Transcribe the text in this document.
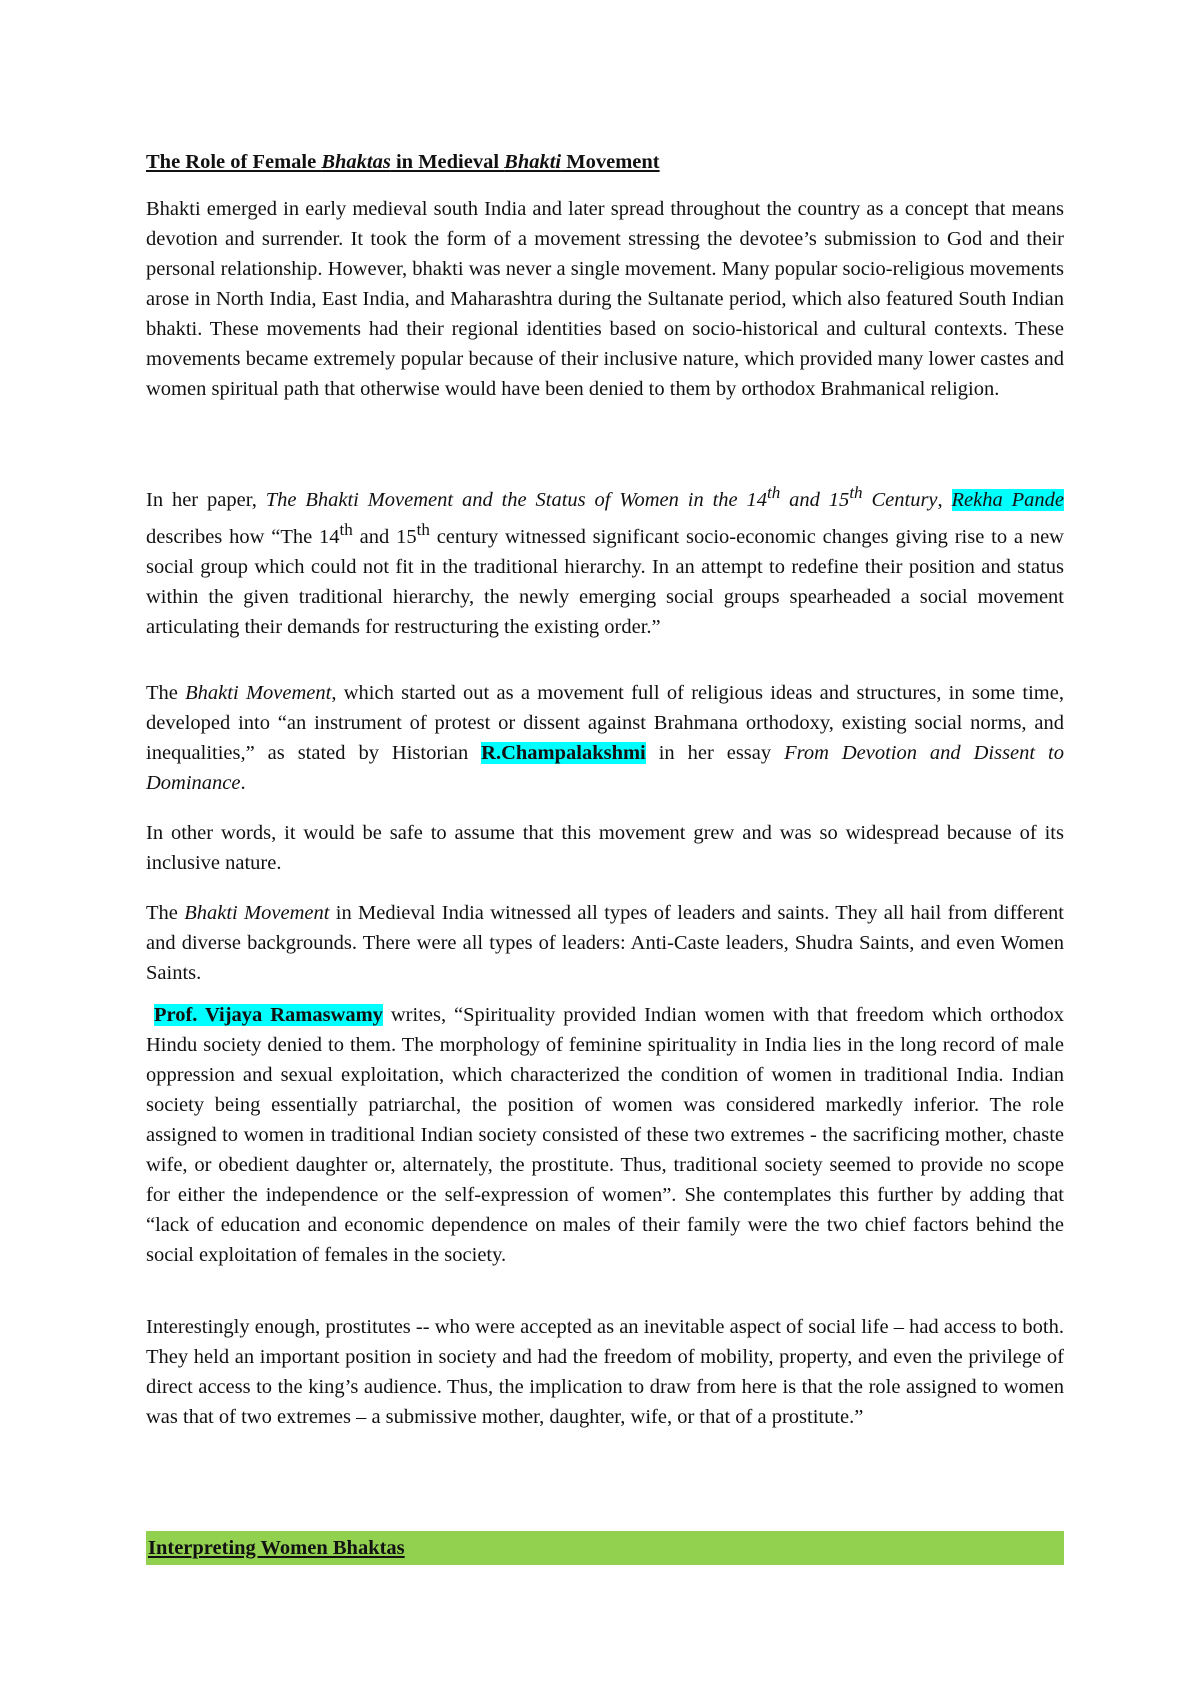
The Role of Female Bhaktas in Medieval Bhakti Movement

Bhakti emerged in early medieval south India and later spread throughout the country as a concept that means devotion and surrender. It took the form of a movement stressing the devotee’s submission to God and their personal relationship. However, bhakti was never a single movement. Many popular socio-religious movements arose in North India, East India, and Maharashtra during the Sultanate period, which also featured South Indian bhakti. These movements had their regional identities based on socio-historical and cultural contexts. These movements became extremely popular because of their inclusive nature, which provided many lower castes and women spiritual path that otherwise would have been denied to them by orthodox Brahmanical religion.

In her paper, The Bhakti Movement and the Status of Women in the 14th and 15th Century, Rekha Pande describes how “The 14th and 15th century witnessed significant socio-economic changes giving rise to a new social group which could not fit in the traditional hierarchy. In an attempt to redefine their position and status within the given traditional hierarchy, the newly emerging social groups spearheaded a social movement articulating their demands for restructuring the existing order.”

The Bhakti Movement, which started out as a movement full of religious ideas and structures, in some time, developed into “an instrument of protest or dissent against Brahmana orthodoxy, existing social norms, and inequalities,” as stated by Historian R.Champalakshmi in her essay From Devotion and Dissent to Dominance.

In other words, it would be safe to assume that this movement grew and was so widespread because of its inclusive nature.

The Bhakti Movement in Medieval India witnessed all types of leaders and saints. They all hail from different and diverse backgrounds. There were all types of leaders: Anti-Caste leaders, Shudra Saints, and even Women Saints.

Prof. Vijaya Ramaswamy writes, “Spirituality provided Indian women with that freedom which orthodox Hindu society denied to them. The morphology of feminine spirituality in India lies in the long record of male oppression and sexual exploitation, which characterized the condition of women in traditional India. Indian society being essentially patriarchal, the position of women was considered markedly inferior. The role assigned to women in traditional Indian society consisted of these two extremes - the sacrificing mother, chaste wife, or obedient daughter or, alternately, the prostitute. Thus, traditional society seemed to provide no scope for either the independence or the self-expression of women”. She contemplates this further by adding that “lack of education and economic dependence on males of their family were the two chief factors behind the social exploitation of females in the society.

Interestingly enough, prostitutes -- who were accepted as an inevitable aspect of social life – had access to both. They held an important position in society and had the freedom of mobility, property, and even the privilege of direct access to the king’s audience. Thus, the implication to draw from here is that the role assigned to women was that of two extremes – a submissive mother, daughter, wife, or that of a prostitute.”

Interpreting Women Bhaktas
